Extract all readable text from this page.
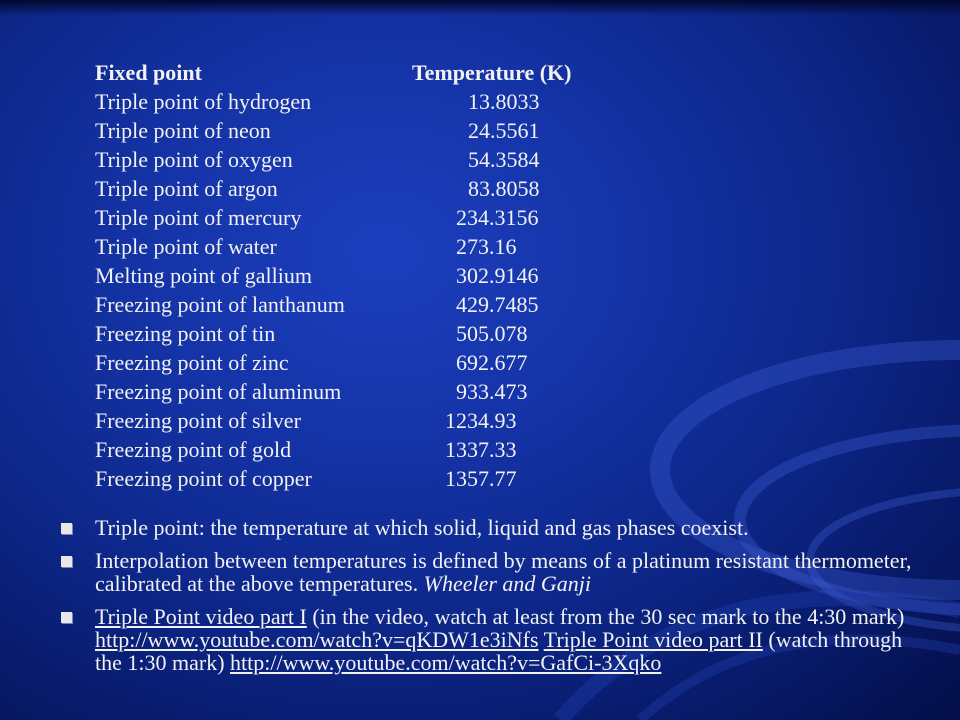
Fixed point	Temperature (K)
Triple point of hydrogen	13.8033
Triple point of neon	24.5561
Triple point of oxygen	54.3584
Triple point of argon	83.8058
Triple point of mercury	234.3156
Triple point of water	273.16
Melting point of gallium	302.9146
Freezing point of lanthanum	429.7485
Freezing point of tin	505.078
Freezing point of zinc	692.677
Freezing point of aluminum	933.473
Freezing point of silver	1234.93
Freezing point of gold	1337.33
Freezing point of copper	1357.77
Triple point: the temperature at which solid, liquid and gas phases coexist.
Interpolation between temperatures is defined by means of a platinum resistant thermometer, calibrated at the above temperatures. Wheeler and Ganji
Triple Point video part I (in the video, watch at least from the 30 sec mark to the 4:30 mark) http://www.youtube.com/watch?v=qKDW1e3iNfs Triple Point video part II (watch through the 1:30 mark) http://www.youtube.com/watch?v=GafCi-3Xqko
